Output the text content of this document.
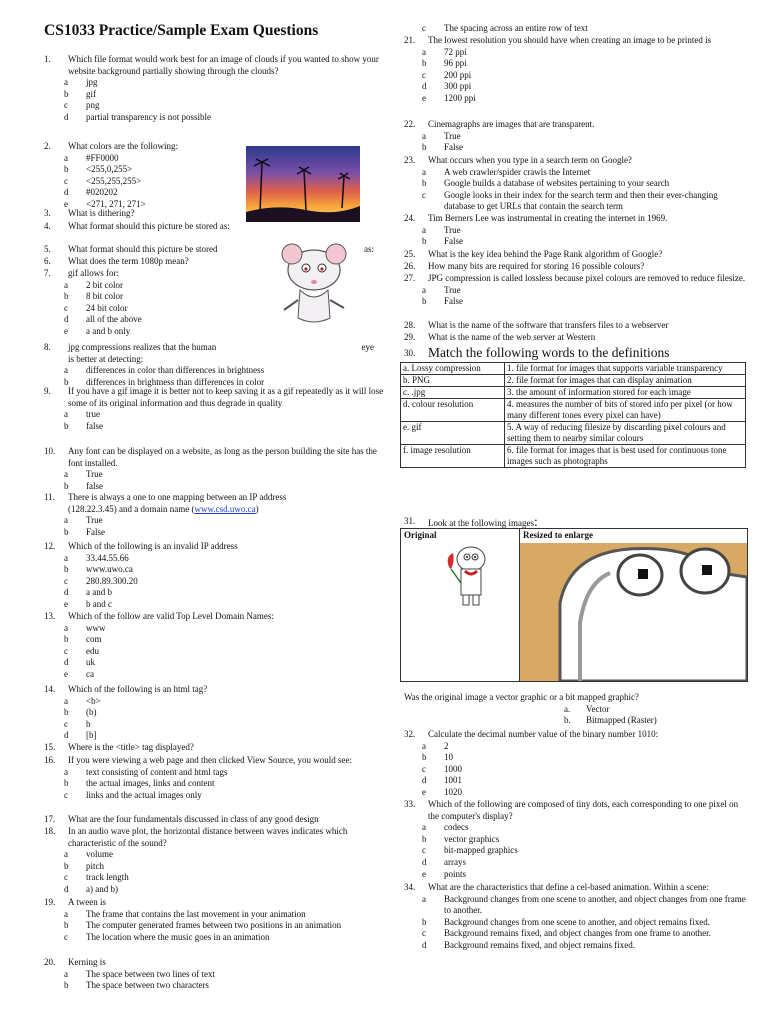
CS1033 Practice/Sample Exam Questions
1.	Which file format would work best for an image of clouds if you wanted to show your website background partially showing through the clouds?
a jpg
b gif
c png
d partial transparency is not possible
2.	What colors are the following:
a #FF0000
b <255,0,255>
c <255,255,255>
d #020202
e <271, 271, 271>
3.	What is dithering?
4.	What format should this picture be stored as:
5.	What format should this picture be stored	as:
6.	What does the term 1080p mean?
7.	gif allows for:
a 2 bit color
b 8 bit color
c 24 bit color
d all of the above
e a and b only
8.	jpg compressions realizes that the human	eye

is better at detecting:
a differences in color than differences in brightness
b differences in brightness than differences in color
9.	If you have a gif image it is better not to keep saving it as a gif repeatedly as it will lose some of its original information and thus degrade in quality
a true
b false
10.	Any font can be displayed on a website, as long as the person building the site has the font installed.
a True
b false
11.	There is always a one to one mapping between an IP address
(128.22.3.45) and a domain name (www.csd.uwo.ca)
a True
b False
12.	Which of the following is an invalid IP address
a 33.44.55.66
b www.uwo.ca
c 280.89.300.20
d a and b
e b and c
13.	Which of the follow are valid Top Level Domain Names:
a www
b com
c edu
d uk
e ca
14.	Which of the following is an html tag?
a <b>
b (b)
c b
d [b]
15.	Where is the <title> tag displayed?
16.	If you were viewing a web page and then clicked View Source, you would see:
a text consisting of content and html tags
b the actual images, links and content
c links and the actual images only
17.	What are the four fundamentals discussed in class of any good design
18.	In an audio wave plot, the horizontal distance between waves indicates which characteristic of the sound?
a volume
b pitch
c track length
d a) and b)
19.	A tween is
a The frame that contains the last movement in your animation
b The computer generated frames between two positions in an animation
c The location where the music goes in an animation
20.	Kerning is
a The space between two lines of text
b The space between two characters
c The spacing across an entire row of text
21.	The lowest resolution you should have when creating an image to be printed is
a 72 ppi
b 96 ppi
c 200 ppi
d 300 ppi
e 1200 ppi
22.	Cinemagraphs are images that are transparent.
a True
b False
23.	What occurs when you type in a search term on Google?
a A web crawler/spider crawls the Internet
b Google builds a database of websites pertaining to your search
c Google looks in their index for the search term and then their ever-changing database to get URLs that contain the search term
24.	Tim Berners Lee was instrumental in creating the internet in 1969.
a True
b False
25.	What is the key idea behind the Page Rank algorithm of Google?
26.	How many bits are required for storing 16 possible colours?
27.	JPG compression is called lossless because pixel colours are removed to reduce filesize.
a True
b False
28.	What is the name of the software that transfers files to a webserver
29.	What is the name of the web server at Western
30. Match the following words to the definitions
a. Lossy compression	1. file format for images that supports variable transparency
b. PNG	2. file format for images that can display animation
c. .jpg	3. the amount of information stored for each image
d. colour resolution	4. measures the number of bits of stored info per pixel (or how many different tones every pixel can have)
e. gif	5. A way of reducing filesize by discarding pixel colours and setting them to nearby similar colours
f. image resolution	6. file format for images that is best used for continuous tone images such as photographs
31.	Look at the following images:
Original	Resized to enlarge
Was the original image a vector graphic or a bit mapped graphic?
a. Vector
b. Bitmapped (Raster)
32.	Calculate the decimal number value of the binary number 1010:
a 2
b 10
c 1000
d 1001
e 1020
33.	Which of the following are composed of tiny dots, each corresponding to one pixel on the computer's display?
a codecs
b vector graphics
c bit-mapped graphics
d arrays
e points
34.	What are the characteristics that define a cel-based animation. Within a scene:
a Background changes from one scene to another, and object changes from one frame to another.
b Background changes from one scene to another, and object remains fixed.
c Background remains fixed, and object changes from one frame to another.
d Background remains fixed, and object remains fixed.
